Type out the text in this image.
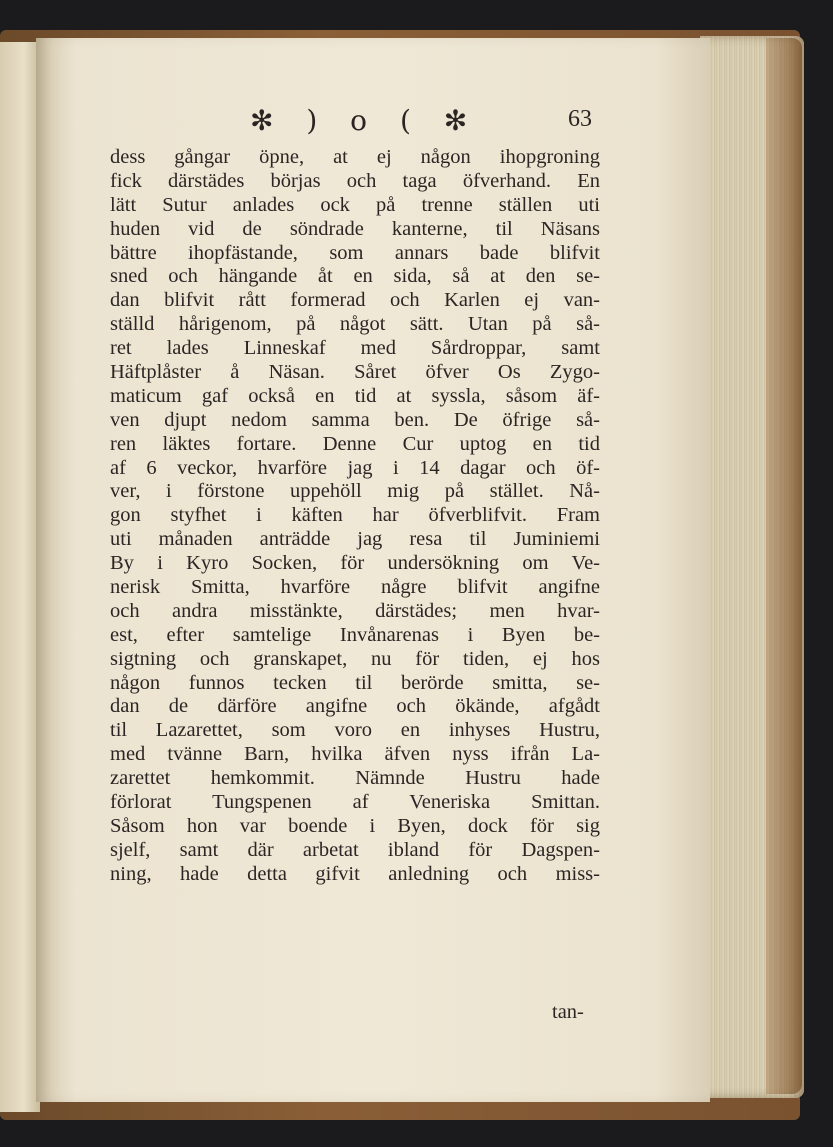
✻ ) o ( ✻	63
dess gångar öpne, at ej någon ihopgroning
fick därstädes börjas och taga öfverhand. En
lätt Sutur anlades ock på trenne ställen uti
huden vid de söndrade kanterne, til Näsans
bättre ihopfästande, som annars bade blifvit
sned och hängande åt en sida, så at den se-
dan blifvit rått formerad och Karlen ej van-
ställd hårigenom, på något sätt. Utan på så-
ret lades Linneskaf med Sårdroppar, samt
Häftplåster å Näsan. Såret öfver Os Zygo-
maticum gaf också en tid at syssla, såsom äf-
ven djupt nedom samma ben. De öfrige så-
ren läktes fortare. Denne Cur uptog en tid
af 6 veckor, hvarföre jag i 14 dagar och öf-
ver, i förstone uppehöll mig på stället. Nå-
gon styfhet i käften har öfverblifvit. Fram
uti månaden anträdde jag resa til Juminiemi
By i Kyro Socken, för undersökning om Ve-
nerisk Smitta, hvarföre någre blifvit angifne
och andra misstänkte, därstädes; men hvar-
est, efter samtelige Invånarenas i Byen be-
sigtning och granskapet, nu för tiden, ej hos
någon funnos tecken til berörde smitta, se-
dan de därföre angifne och ökände, afgådt
til Lazarettet, som voro en inhyses Hustru,
med tvänne Barn, hvilka äfven nyss ifrån La-
zarettet hemkommit. Nämnde Hustru hade
förlorat Tungspenen af Veneriska Smittan.
Såsom hon var boende i Byen, dock för sig
sjelf, samt där arbetat ibland för Dagspen-
ning, hade detta gifvit anledning och miss-
tan-
